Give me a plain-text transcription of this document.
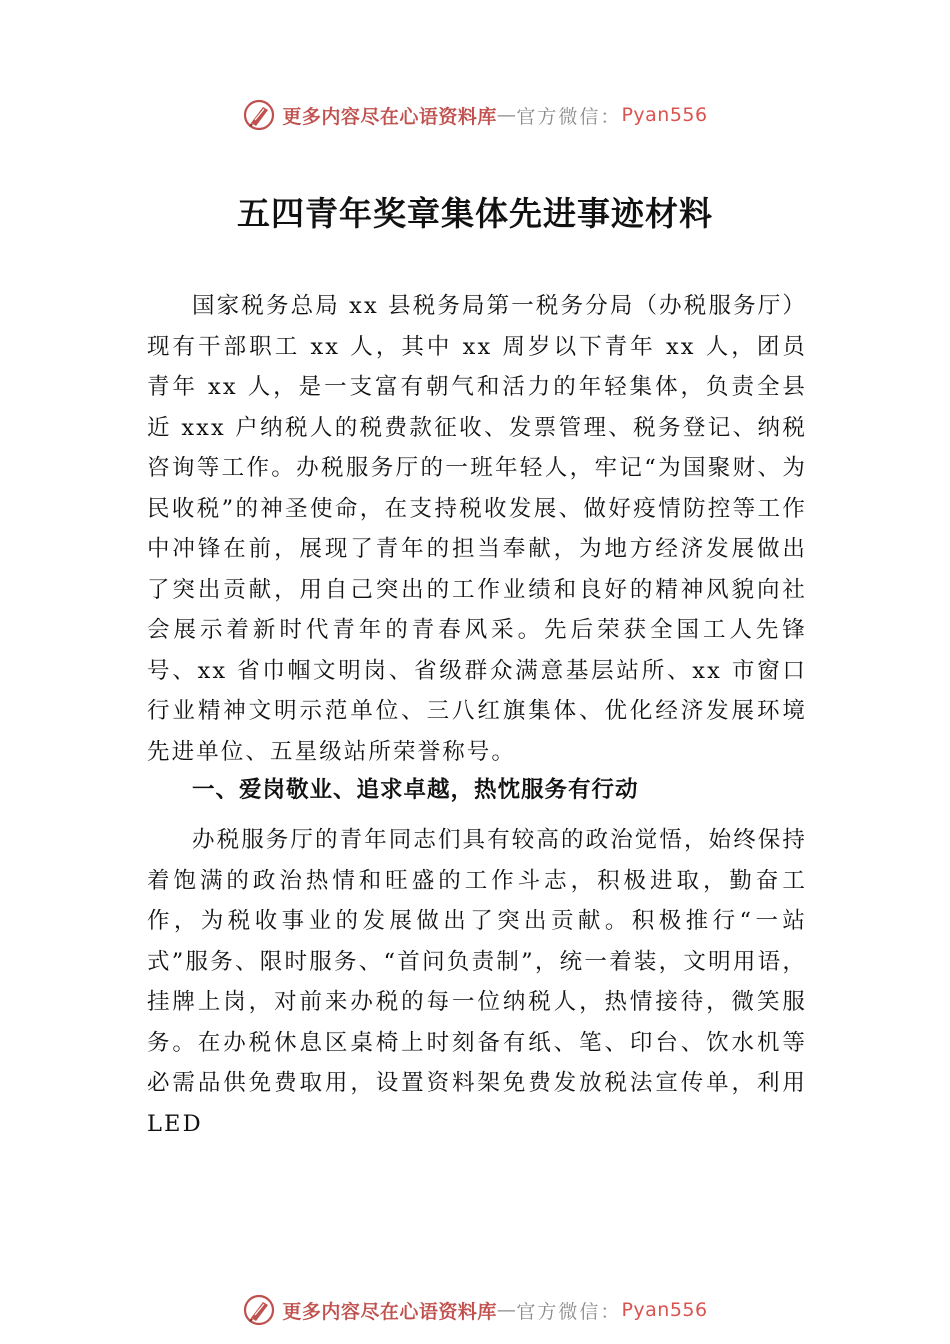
更多内容尽在心语资料库 — 官方微信： Pyan556
五四青年奖章集体先进事迹材料

国家税务总局 xx 县税务局第一税务分局（办税服务厅） 现有干部职工 xx 人，其中 xx 周岁以下青年 xx 人，团员青年 xx 人，是一支富有朝气和活力的年轻集体，负责全县近 xxx 户纳税人的税费款征收、发票管理、税务登记、纳税咨询等工作。办税服务厅的一班年轻人，牢记“为国聚财、为 民收税”的神圣使命，在支持税收发展、做好疫情防控等工作中冲锋在前，展现了青年的担当奉献，为地方经济发展做出了突出贡献，用自己突出的工作业绩和良好的精神风貌向社会展示着新时代青年的青春风采。先后荣获全国工人先锋号、xx 省巾帼文明岗、省级群众满意基层站所、xx 市窗口行业精神文明示范单位、三八红旗集体、优化经济发展环境先进单位、五星级站所荣誉称号。

一、爱岗敬业、追求卓越，热忱服务有行动

办税服务厅的青年同志们具有较高的政治觉悟，始终保持着饱满的政治热情和旺盛的工作斗志，积极进取，勤奋工作，为税收事业的发展做出了突出贡献。积极推行“一站式”服务、限时服务、“首问负责制”，统一着装，文明用语，挂牌上岗，对前来办税的每一位纳税人，热情接待，微笑服务。在办税休息区桌椅上时刻备有纸、笔、印台、饮水机等必需品供免费取用，设置资料架免费发放税法宣传单，利用 LED

更多内容尽在心语资料库 — 官方微信： Pyan556
